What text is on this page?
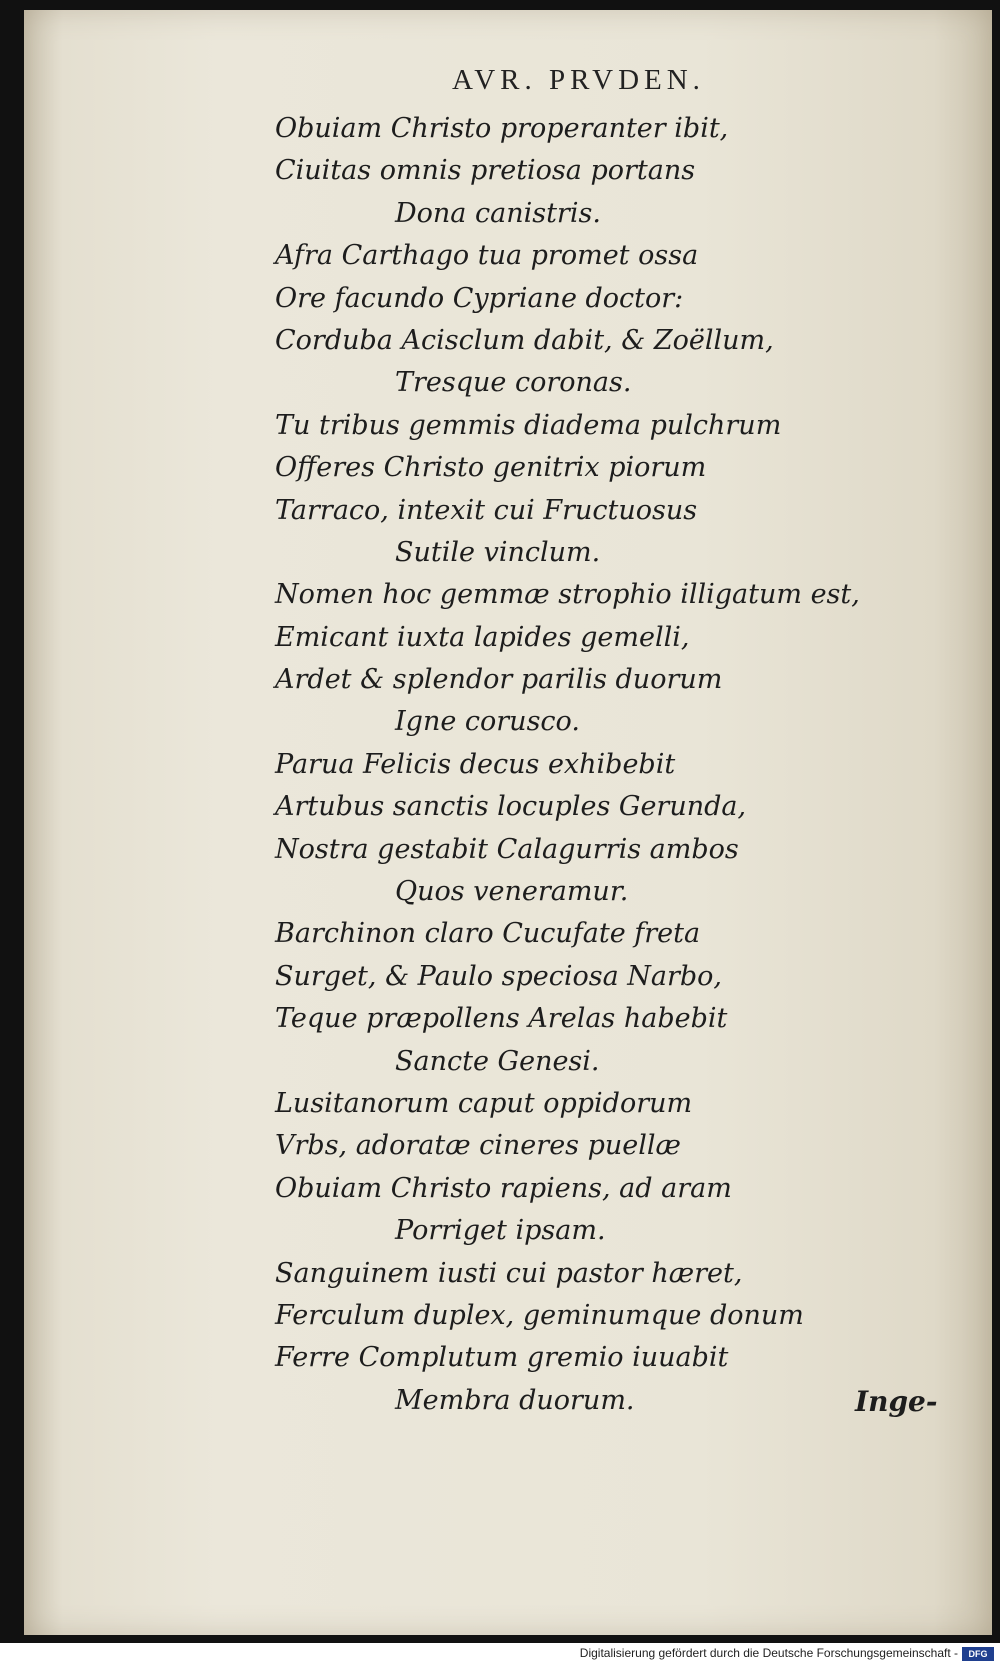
AVR. PRVDEN.
Obuiam Christo properanter ibit,
Ciuitas omnis pretiosa portans
Dona canistris.
Afra Carthago tua promet ossa
Ore facundo Cypriane doctor:
Corduba Acisclum dabit, & Zoëllum,
Tresque coronas.
Tu tribus gemmis diadema pulchrum
Offeres Christo genitrix piorum
Tarraco, intexit cui Fructuosus
Sutile vinclum.
Nomen hoc gemmæ strophio illigatum est,
Emicant iuxta lapides gemelli,
Ardet & splendor parilis duorum
Igne corusco.
Parua Felicis decus exhibebit
Artubus sanctis locuples Gerunda,
Nostra gestabit Calagurris ambos
Quos veneramur.
Barchinon claro Cucufate freta
Surget, & Paulo speciosa Narbo,
Teque præpollens Arelas habebit
Sancte Genesi.
Lusitanorum caput oppidorum
Vrbs, adoratæ cineres puellæ
Obuiam Christo rapiens, ad aram
Porriget ipsam.
Sanguinem iusti cui pastor hæret,
Ferculum duplex, geminumque donum
Ferre Complutum gremio iuuabit
Membra duorum.	Inge-
Digitalisierung gefördert durch die Deutsche Forschungsgemeinschaft -	DFG
